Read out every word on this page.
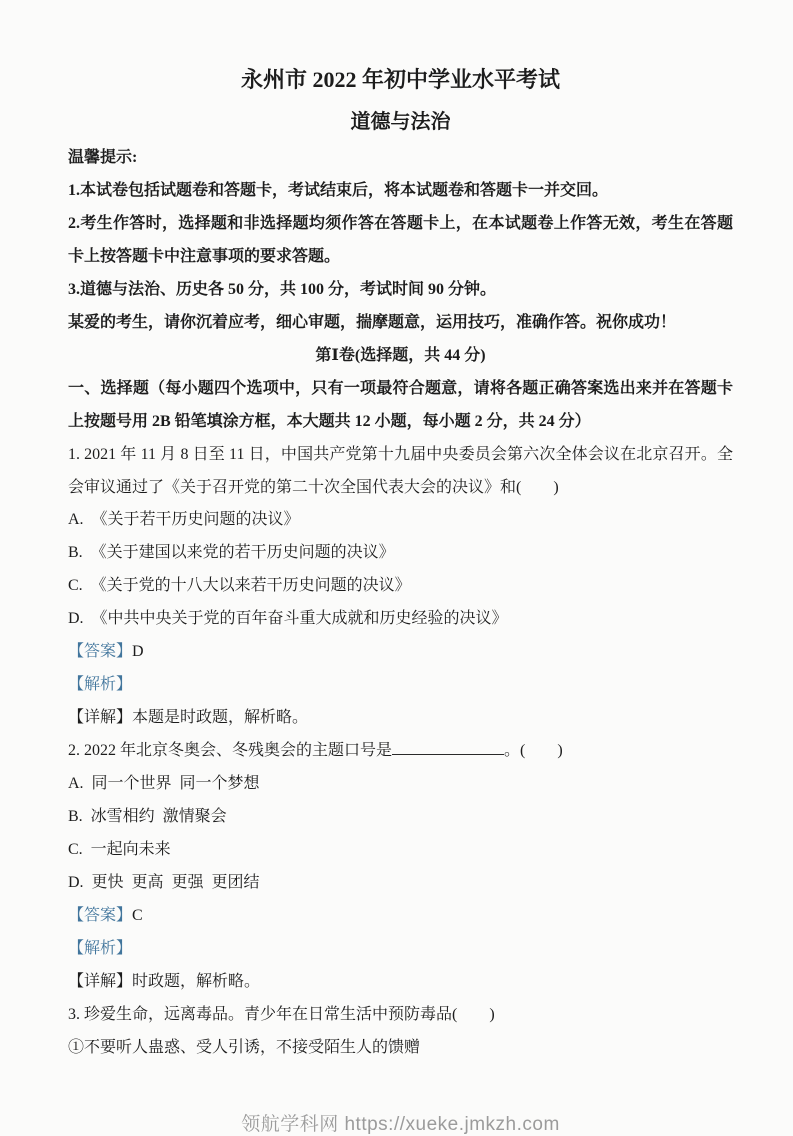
永州市 2022 年初中学业水平考试
道德与法治

温馨提示:

1.本试卷包括试题卷和答题卡，考试结束后，将本试题卷和答题卡一并交回。

2.考生作答时，选择题和非选择题均须作答在答题卡上，在本试题卷上作答无效，考生在答题卡上按答题卡中注意事项的要求答题。

3.道德与法治、历史各 50 分，共 100 分，考试时间 90 分钟。

某爱的考生，请你沉着应考，细心审题，揣摩题意，运用技巧，准确作答。祝你成功！

第Ⅰ卷(选择题，共 44 分)

一、选择题（每小题四个选项中，只有一项最符合题意，请将各题正确答案选出来并在答题卡上按题号用 2B 铅笔填涂方框，本大题共 12 小题，每小题 2 分，共 24 分）

1. 2021 年 11 月 8 日至 11 日，中国共产党第十九届中央委员会第六次全体会议在北京召开。全会审议通过了《关于召开党的第二十次全国代表大会的决议》和(　　)

A.  《关于若干历史问题的决议》

B.  《关于建国以来党的若干历史问题的决议》

C.  《关于党的十八大以来若干历史问题的决议》

D.  《中共中央关于党的百年奋斗重大成就和历史经验的决议》

【答案】D

【解析】

【详解】本题是时政题，解析略。

2. 2022 年北京冬奥会、冬残奥会的主题口号是	。(　　)

A.  同一个世界  同一个梦想

B.  冰雪相约  激情聚会

C.  一起向未来

D.  更快  更高  更强  更团结

【答案】C

【解析】

【详解】时政题，解析略。

3. 珍爱生命，远离毒品。青少年在日常生活中预防毒品(　　)

①不要听人蛊惑、受人引诱，不接受陌生人的馈赠

领航学科网 https://xueke.jmkzh.com
